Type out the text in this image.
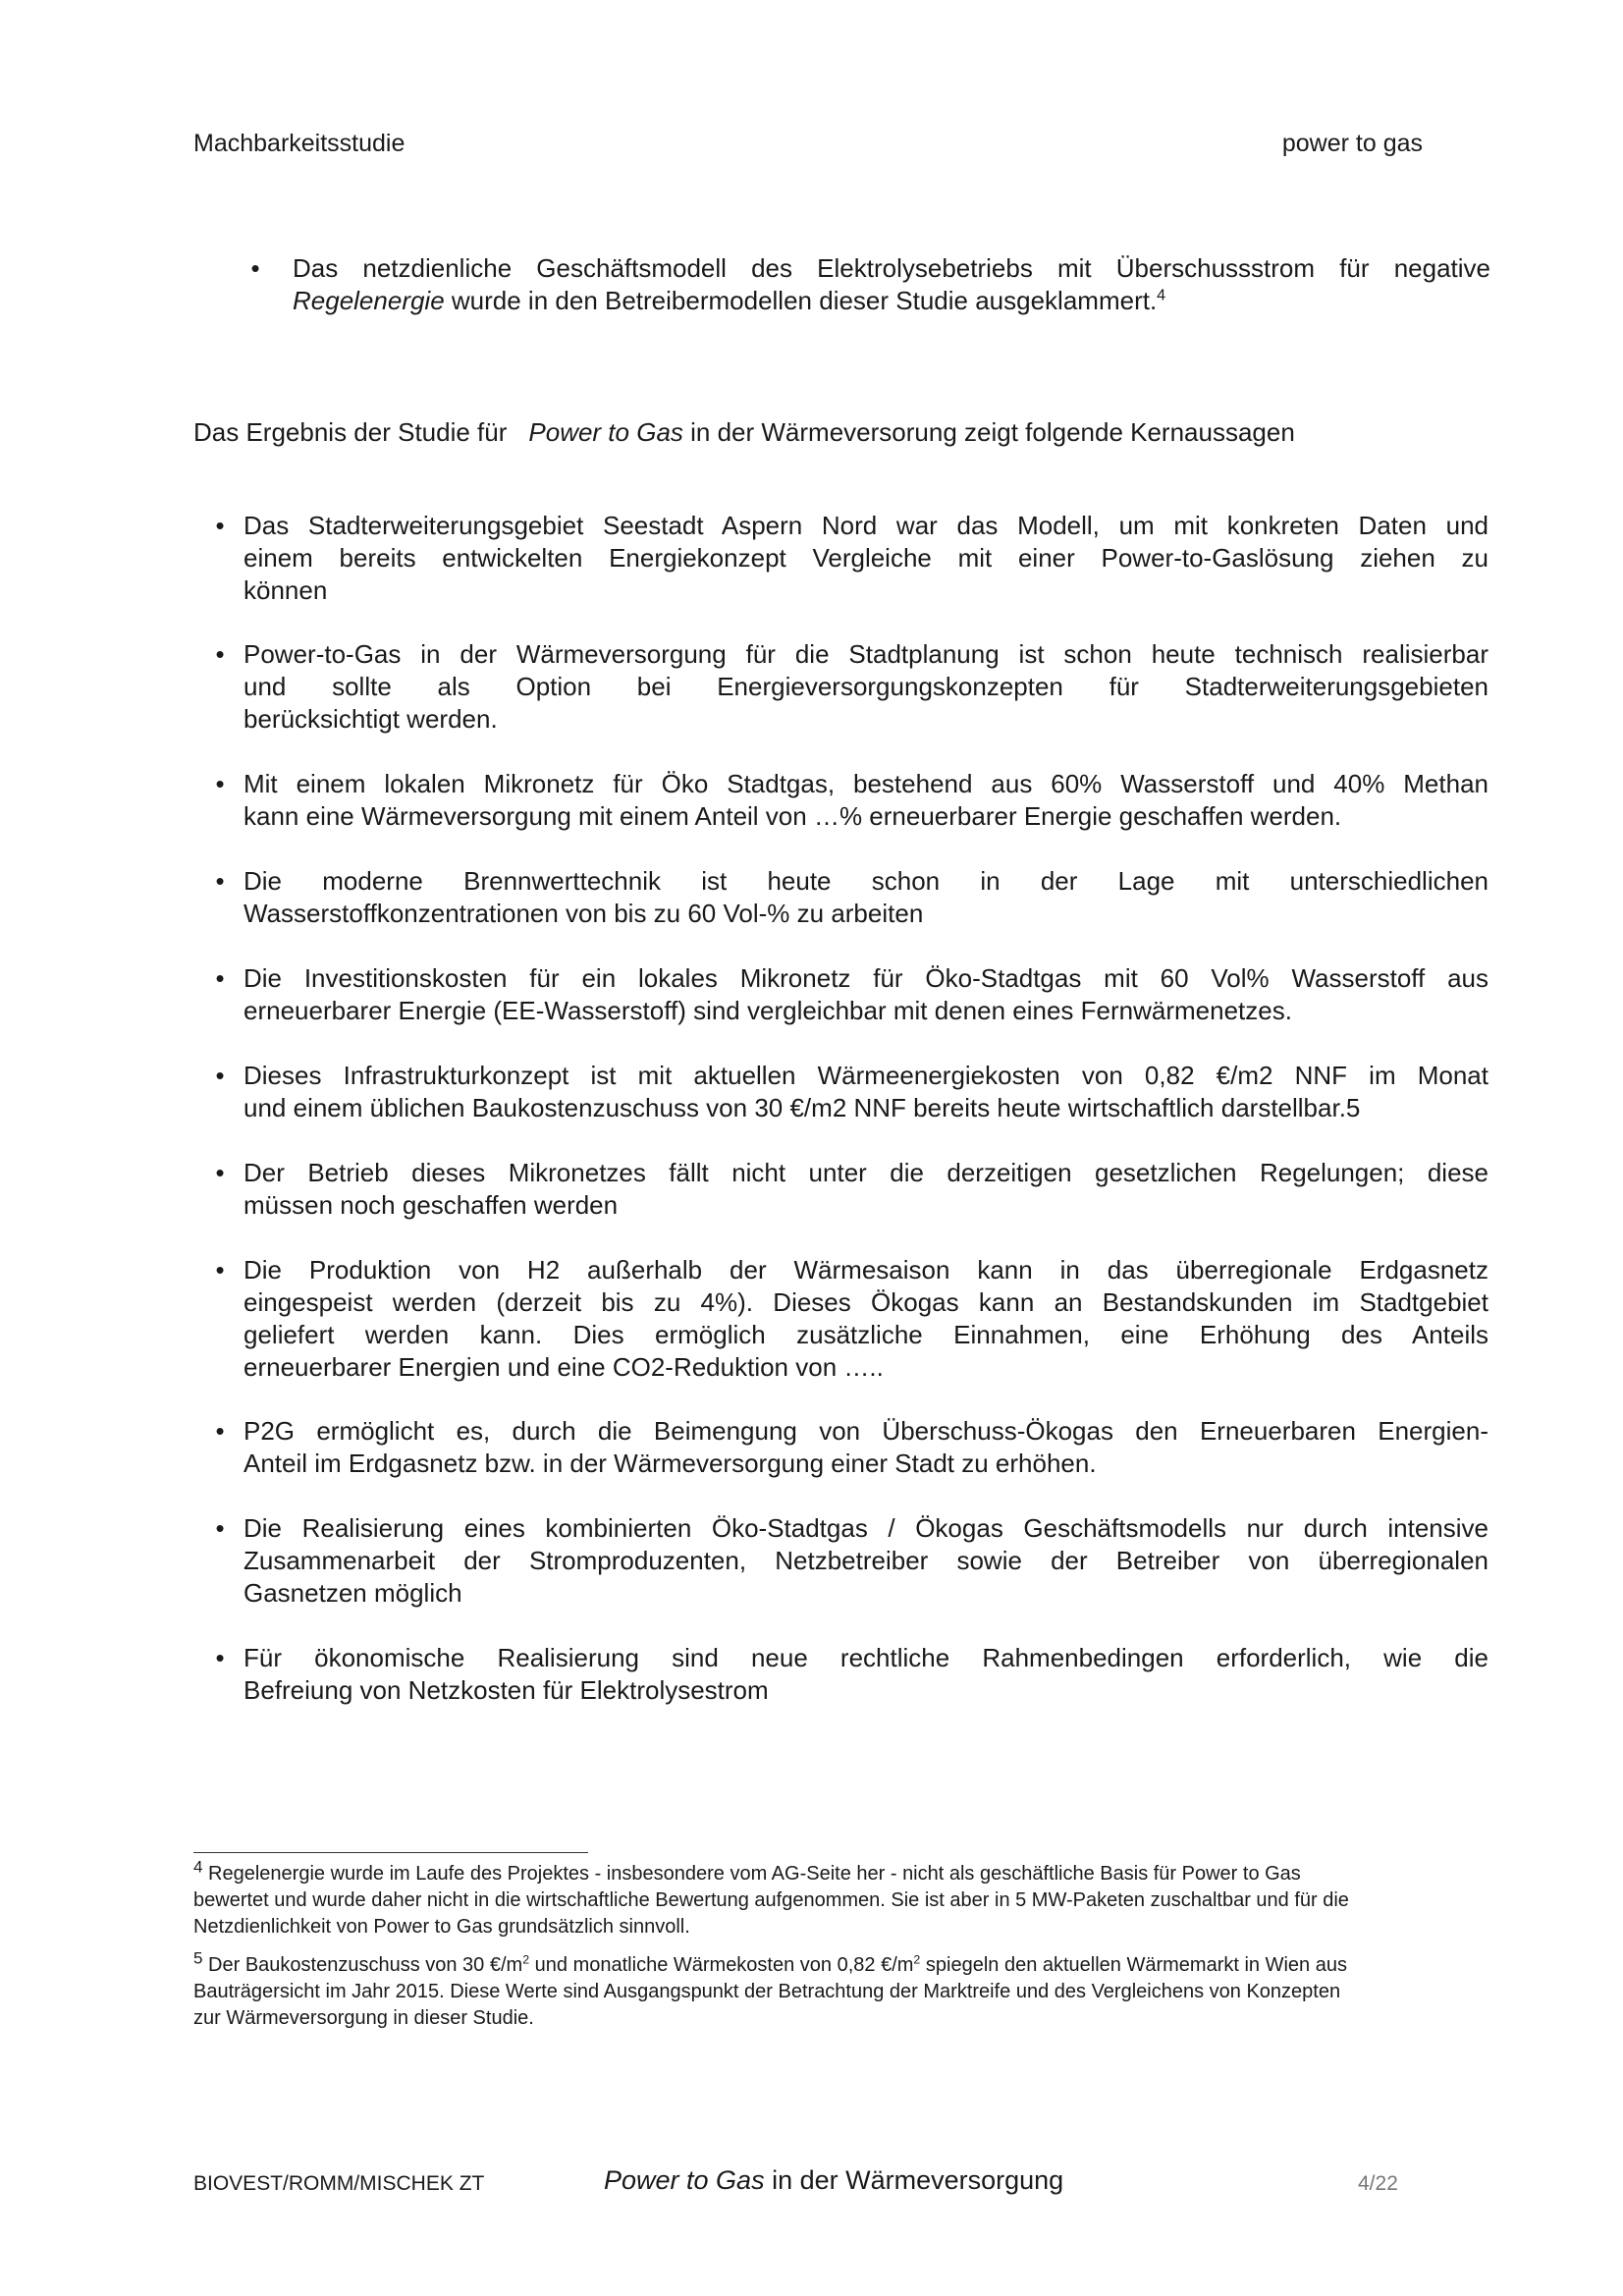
Machbarkeitsstudie	power to gas
• Das netzdienliche Geschäftsmodell des Elektrolysebetriebs mit Überschussstrom für negative
Regelenergie wurde in den Betreibermodellen dieser Studie ausgeklammert.$^4$

Das Ergebnis der Studie für Power to Gas in der Wärmeversorung zeigt folgende Kernaussagen
• Das Stadterweiterungsgebiet Seestadt Aspern Nord war das Modell, um mit konkreten Daten und
einem bereits entwickelten Energiekonzept Vergleiche mit einer Power-to-Gaslösung ziehen zu
können

• Power-to-Gas in der Wärmeversorgung für die Stadtplanung ist schon heute technisch realisierbar
und sollte als Option bei Energieversorgungskonzepten für Stadterweiterungsgebieten
berücksichtigt werden.

• Mit einem lokalen Mikronetz für Öko Stadtgas, bestehend aus 60% Wasserstoff und 40% Methan
kann eine Wärmeversorgung mit einem Anteil von …% erneuerbarer Energie geschaffen werden.

• Die moderne Brennwerttechnik ist heute schon in der Lage mit unterschiedlichen
Wasserstoffkonzentrationen von bis zu 60 Vol-% zu arbeiten

• Die Investitionskosten für ein lokales Mikronetz für Öko-Stadtgas mit 60 Vol% Wasserstoff aus
erneuerbarer Energie (EE-Wasserstoff) sind vergleichbar mit denen eines Fernwärmenetzes.

• Dieses Infrastrukturkonzept ist mit aktuellen Wärmeenergiekosten von 0,82 €/m2 NNF im Monat
und einem üblichen Baukostenzuschuss von 30 €/m2 NNF bereits heute wirtschaftlich darstellbar.5

• Der Betrieb dieses Mikronetzes fällt nicht unter die derzeitigen gesetzlichen Regelungen; diese
müssen noch geschaffen werden

• Die Produktion von H2 außerhalb der Wärmesaison kann in das überregionale Erdgasnetz
eingespeist werden (derzeit bis zu 4%). Dieses Ökogas kann an Bestandskunden im Stadtgebiet
geliefert werden kann. Dies ermöglich zusätzliche Einnahmen, eine Erhöhung des Anteils
erneuerbarer Energien und eine CO2-Reduktion von …..

• P2G ermöglicht es, durch die Beimengung von Überschuss-Ökogas den Erneuerbaren Energien-
Anteil im Erdgasnetz bzw. in der Wärmeversorgung einer Stadt zu erhöhen.

• Die Realisierung eines kombinierten Öko-Stadtgas / Ökogas Geschäftsmodells nur durch intensive
Zusammenarbeit der Stromproduzenten, Netzbetreiber sowie der Betreiber von überregionalen
Gasnetzen möglich

• Für ökonomische Realisierung sind neue rechtliche Rahmenbedingen erforderlich, wie die
Befreiung von Netzkosten für Elektrolysestrom

$^4$ Regelenergie wurde im Laufe des Projektes - insbesondere vom AG-Seite her - nicht als geschäftliche Basis für Power to Gas
bewertet und wurde daher nicht in die wirtschaftliche Bewertung aufgenommen. Sie ist aber in 5 MW-Paketen zuschaltbar und für die
Netzdienlichkeit von Power to Gas grundsätzlich sinnvoll.
$^5$ Der Baukostenzuschuss von 30 $€/m^2$ und monatliche Wärmekosten von 0,82 $€/m^2$ spiegeln den aktuellen Wärmemarkt in Wien aus
Bauträgersicht im Jahr 2015. Diese Werte sind Ausgangspunkt der Betrachtung der Marktreife und des Vergleichens von Konzepten
zur Wärmeversorgung in dieser Studie.
BIOVEST/ROMM/MISCHEK ZT	Power to Gas in der Wärmeversorgung	4/22
